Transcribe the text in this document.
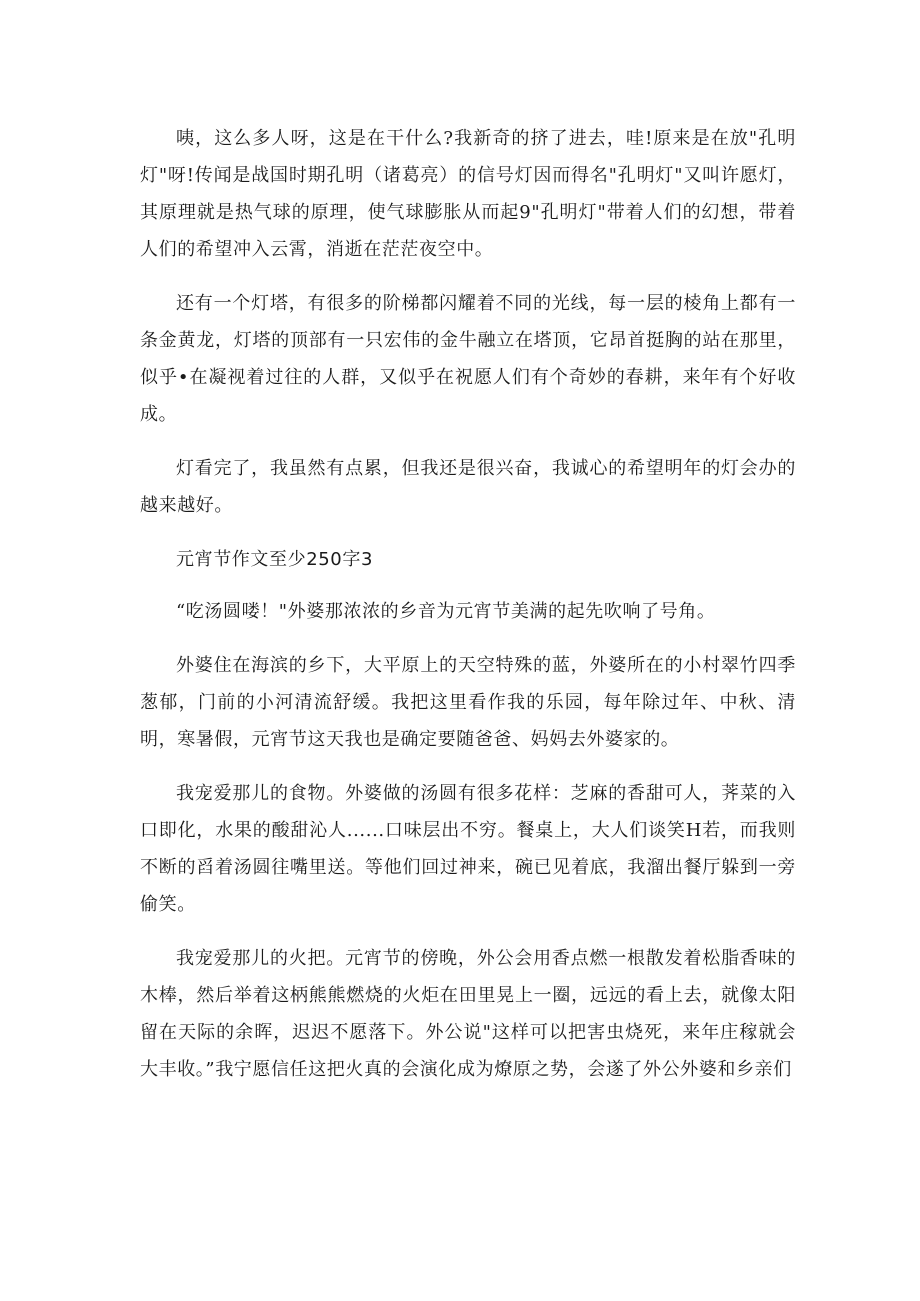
咦，这么多人呀，这是在干什么?我新奇的挤了进去，哇!原来是在放"孔明灯"呀!传闻是战国时期孔明（诸葛亮）的信号灯因而得名"孔明灯"又叫许愿灯，其原理就是热气球的原理，使气球膨胀从而起9"孔明灯"带着人们的幻想，带着人们的希望冲入云霄，消逝在茫茫夜空中。

还有一个灯塔，有很多的阶梯都闪耀着不同的光线，每一层的棱角上都有一条金黄龙，灯塔的顶部有一只宏伟的金牛融立在塔顶，它昂首挺胸的站在那里，似乎•在凝视着过往的人群，又似乎在祝愿人们有个奇妙的春耕，来年有个好收成。

灯看完了，我虽然有点累，但我还是很兴奋，我诚心的希望明年的灯会办的越来越好。

元宵节作文至少250字3

“吃汤圆喽！"外婆那浓浓的乡音为元宵节美满的起先吹响了号角。

外婆住在海滨的乡下，大平原上的天空特殊的蓝，外婆所在的小村翠竹四季葱郁，门前的小河清流舒缓。我把这里看作我的乐园，每年除过年、中秋、清明，寒暑假，元宵节这天我也是确定要随爸爸、妈妈去外婆家的。

我宠爱那儿的食物。外婆做的汤圆有很多花样：芝麻的香甜可人，荠菜的入口即化，水果的酸甜沁人......口味层出不穷。餐桌上，大人们谈笑H若，而我则不断的舀着汤圆往嘴里送。等他们回过神来，碗已见着底，我溜出餐厅躲到一旁偷笑。

我宠爱那儿的火把。元宵节的傍晚，外公会用香点燃一根散发着松脂香味的木棒，然后举着这柄熊熊燃烧的火炬在田里晃上一圈，远远的看上去，就像太阳留在天际的余晖，迟迟不愿落下。外公说"这样可以把害虫烧死，来年庄稼就会大丰收。”我宁愿信任这把火真的会演化成为燎原之势，会遂了外公外婆和乡亲们
